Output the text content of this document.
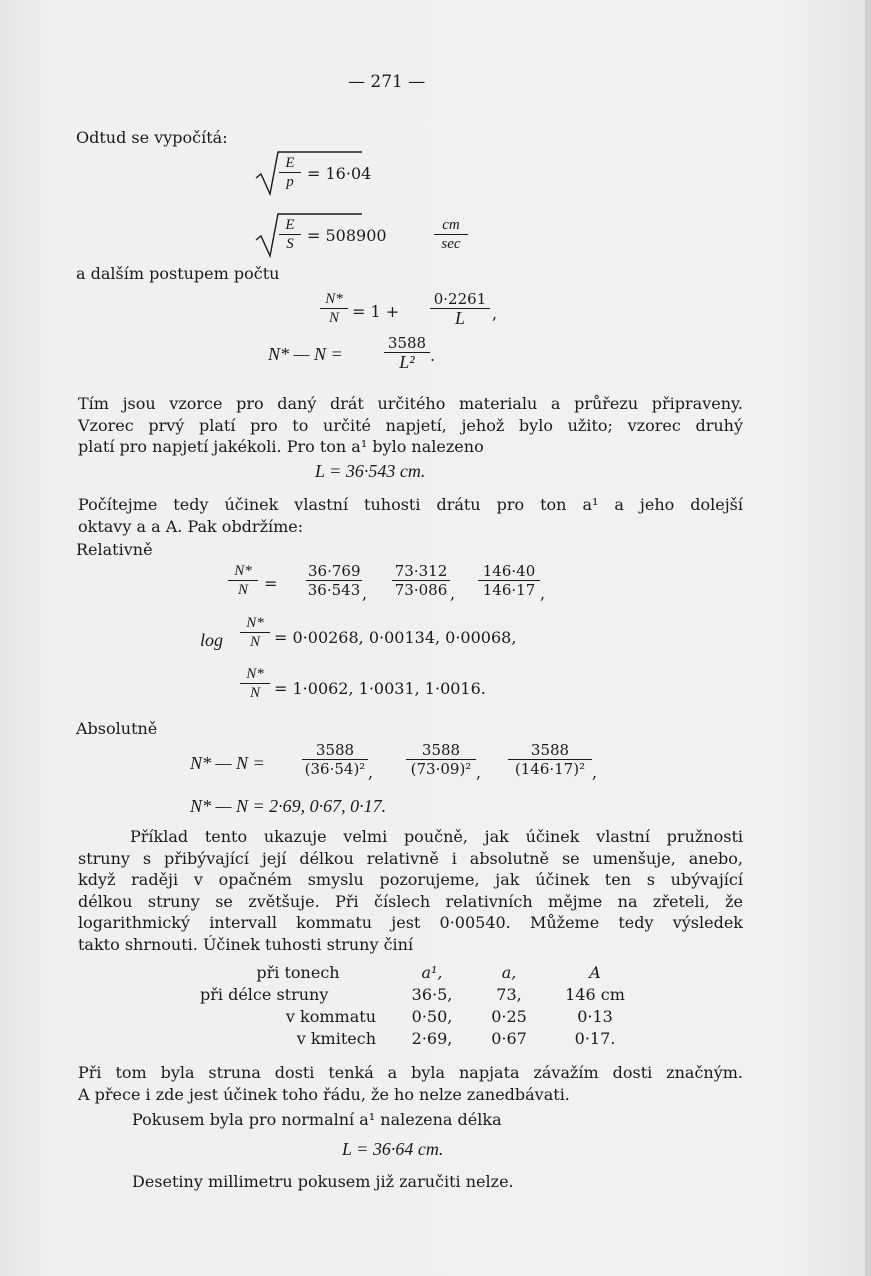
— 271 —
Odtud se vypočítá:
$\frac{E}{p} = 16\cdot 04$
$\frac{E}{S} = 508900$
cm
sec
a dalším postupem počtu
$\frac{N*}{N} = 1$ +
0·2261
L	,
N* — N =
3588
L² .
Tím jsou vzorce pro daný drát určitého materialu a průřezu připraveny.
Vzorec prvý platí pro to určité napjetí, jehož bylo užito; vzorec druhý
platí pro napjetí jakékoli. Pro ton a¹ bylo nalezeno
L = 36·543 cm.
Počítejme tedy účinek vlastní tuhosti drátu pro ton a¹ a jeho dolejší
oktavy a a A. Pak obdržíme:
Relativně
$\frac{N*}{N} = \frac{36\cdot 769}{36\cdot 543}$ , $\frac{73\cdot 312}{73\cdot 086}$ , $\frac{146\cdot 40}{146\cdot 17}$ ,
$\log \frac{N*}{N} = 0\cdot 00268$, 0·00134, 0·00068,
$\frac{N*}{N} = 1\cdot 0062$, 1·0031, 1·0016.
Absolutně
N* — $N = \frac{3588}{\text{(36·54)²}}$ , $\frac{3588}{\text{(73·09)²}}$ , $\frac{3588}{\text{(146·17)²}}$ ,
N* — N = 2·69, 0·67, 0·17.
Příklad tento ukazuje velmi poučně, jak účinek vlastní pružnosti
struny s přibývající její délkou relativně i absolutně se umenšuje, anebo,
když raději v opačném smyslu pozorujeme, jak účinek ten s ubývající
délkou struny se zvětšuje. Při číslech relativních mějme na zřeteli, že
logarithmický intervall kommatu jest 0·00540. Můžeme tedy výsledek
takto shrnouti. Účinek tuhosti struny činí
při tonech	a¹,	a,	A
při délce struny	36·5,	73,	146 cm
v kommatu	0·50,	0·25	0·13
v kmitech	2·69,	0·67	0·17.
Při tom byla struna dosti tenká a byla napjata závažím dosti značným.
A přece i zde jest účinek toho řádu, že ho nelze zanedbávati.
Pokusem byla pro normalní a¹ nalezena délka
L = 36·64 cm.
Desetiny millimetru pokusem již zaručiti nelze.
